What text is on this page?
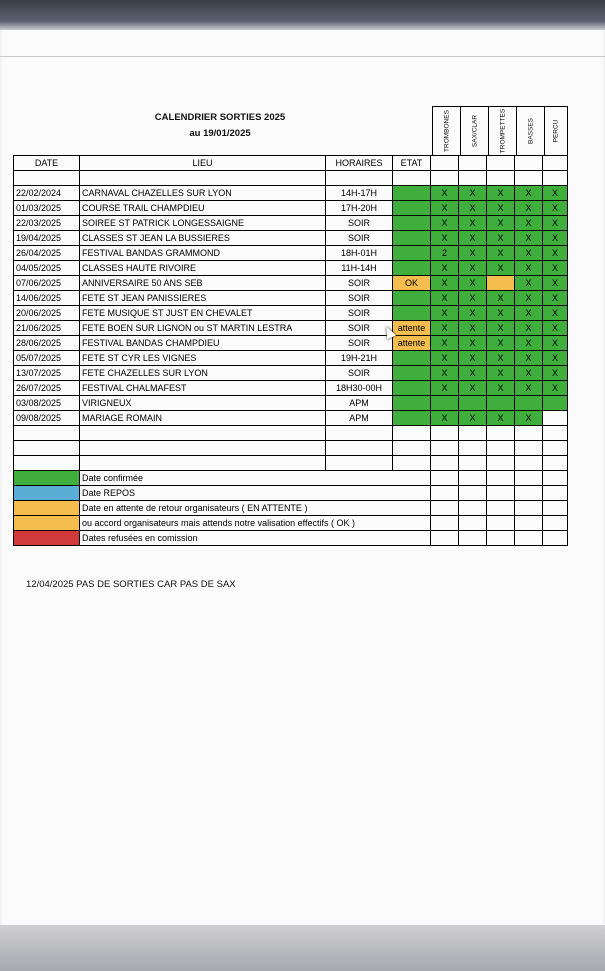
CALENDRIER SORTIES 2025
au 19/01/2025	TROMBONES	SAX/CLAR	TROMPETTES	BASSES	PERCU
DATE	LIEU	HORAIRES	ETAT					

22/02/2024	CARNAVAL CHAZELLES SUR LYON	14H-17H		X	X	X	X	X
01/03/2025	COURSE TRAIL CHAMPDIEU	17H-20H		X	X	X	X	X
22/03/2025	SOIREE ST PATRICK LONGESSAIGNE	SOIR		X	X	X	X	X
19/04/2025	CLASSES ST JEAN LA BUSSIERES	SOIR		X	X	X	X	X
26/04/2025	FESTIVAL BANDAS GRAMMOND	18H-01H		2	X	X	X	X
04/05/2025	CLASSES HAUTE RIVOIRE	11H-14H		X	X	X	X	X
07/06/2025	ANNIVERSAIRE 50 ANS SEB	SOIR	OK	X	X		X	X
14/06/2025	FETE ST JEAN PANISSIERES	SOIR		X	X	X	X	X
20/06/2025	FETE MUSIQUE ST JUST EN CHEVALET	SOIR		X	X	X	X	X
21/06/2025	FETE BOEN SUR LIGNON ou ST MARTIN LESTRA	SOIR	attente	X	X	X	X	X
28/06/2025	FESTIVAL BANDAS CHAMPDIEU	SOIR	attente	X	X	X	X	X
05/07/2025	FETE ST CYR LES VIGNES	19H-21H		X	X	X	X	X
13/07/2025	FETE CHAZELLES SUR LYON	SOIR		X	X	X	X	X
26/07/2025	FESTIVAL CHALMAFEST	18H30-00H		X	X	X	X	X
03/08/2025	VIRIGNEUX	APM						
09/08/2025	MARIAGE ROMAIN	APM		X	X	X	X	

	Date confirmée							
	Date REPOS							
	Date en attente de retour organisateurs ( EN ATTENTE )							
	ou accord organisateurs mais attends notre valisation effectifs ( OK )							
	Dates refusées en comission							
12/04/2025 PAS DE SORTIES CAR PAS DE SAX
